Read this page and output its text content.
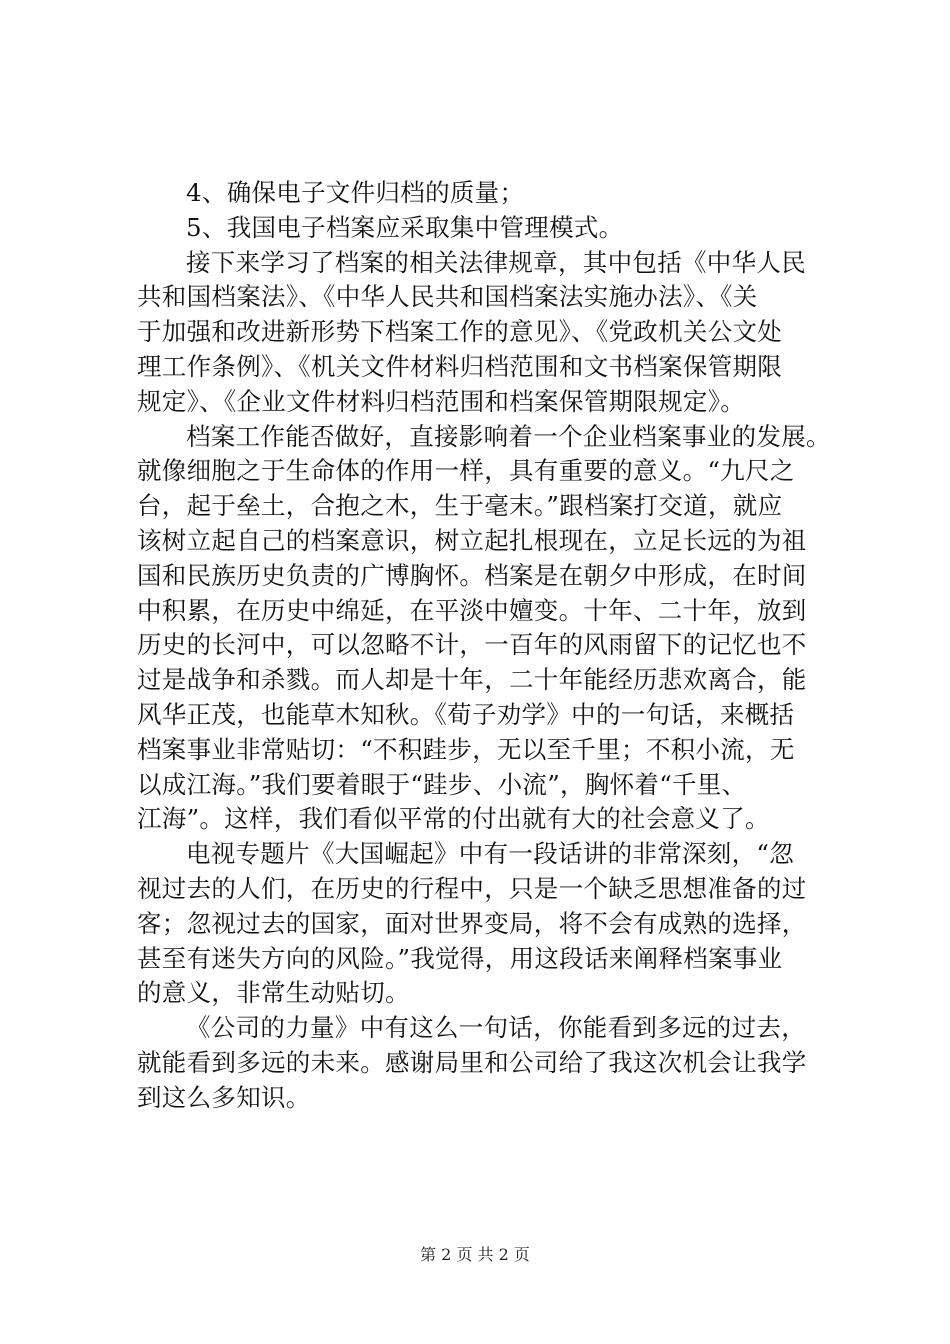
4、确保电子文件归档的质量；
5、我国电子档案应采取集中管理模式。
接下来学习了档案的相关法律规章，其中包括《中华人民
共和国档案法》、《中华人民共和国档案法实施办法》、《关
于加强和改进新形势下档案工作的意见》、《党政机关公文处
理工作条例》、《机关文件材料归档范围和文书档案保管期限
规定》、《企业文件材料归档范围和档案保管期限规定》。
档案工作能否做好，直接影响着一个企业档案事业的发展。
就像细胞之于生命体的作用一样，具有重要的意义。“九尺之
台，起于垒土，合抱之木，生于毫末。”跟档案打交道，就应
该树立起自己的档案意识，树立起扎根现在，立足长远的为祖
国和民族历史负责的广博胸怀。档案是在朝夕中形成，在时间
中积累，在历史中绵延，在平淡中嬗变。十年、二十年，放到
历史的长河中，可以忽略不计，一百年的风雨留下的记忆也不
过是战争和杀戮。而人却是十年，二十年能经历悲欢离合，能
风华正茂，也能草木知秋。《荀子劝学》中的一句话，来概括
档案事业非常贴切：“不积跬步，无以至千里；不积小流，无
以成江海。”我们要着眼于“跬步、小流”，胸怀着“千里、
江海”。这样，我们看似平常的付出就有大的社会意义了。
电视专题片《大国崛起》中有一段话讲的非常深刻，“忽
视过去的人们，在历史的行程中，只是一个缺乏思想准备的过
客；忽视过去的国家，面对世界变局，将不会有成熟的选择，
甚至有迷失方向的风险。”我觉得，用这段话来阐释档案事业
的意义，非常生动贴切。
《公司的力量》中有这么一句话，你能看到多远的过去，
就能看到多远的未来。感谢局里和公司给了我这次机会让我学
到这么多知识。
第 2 页 共 2 页
